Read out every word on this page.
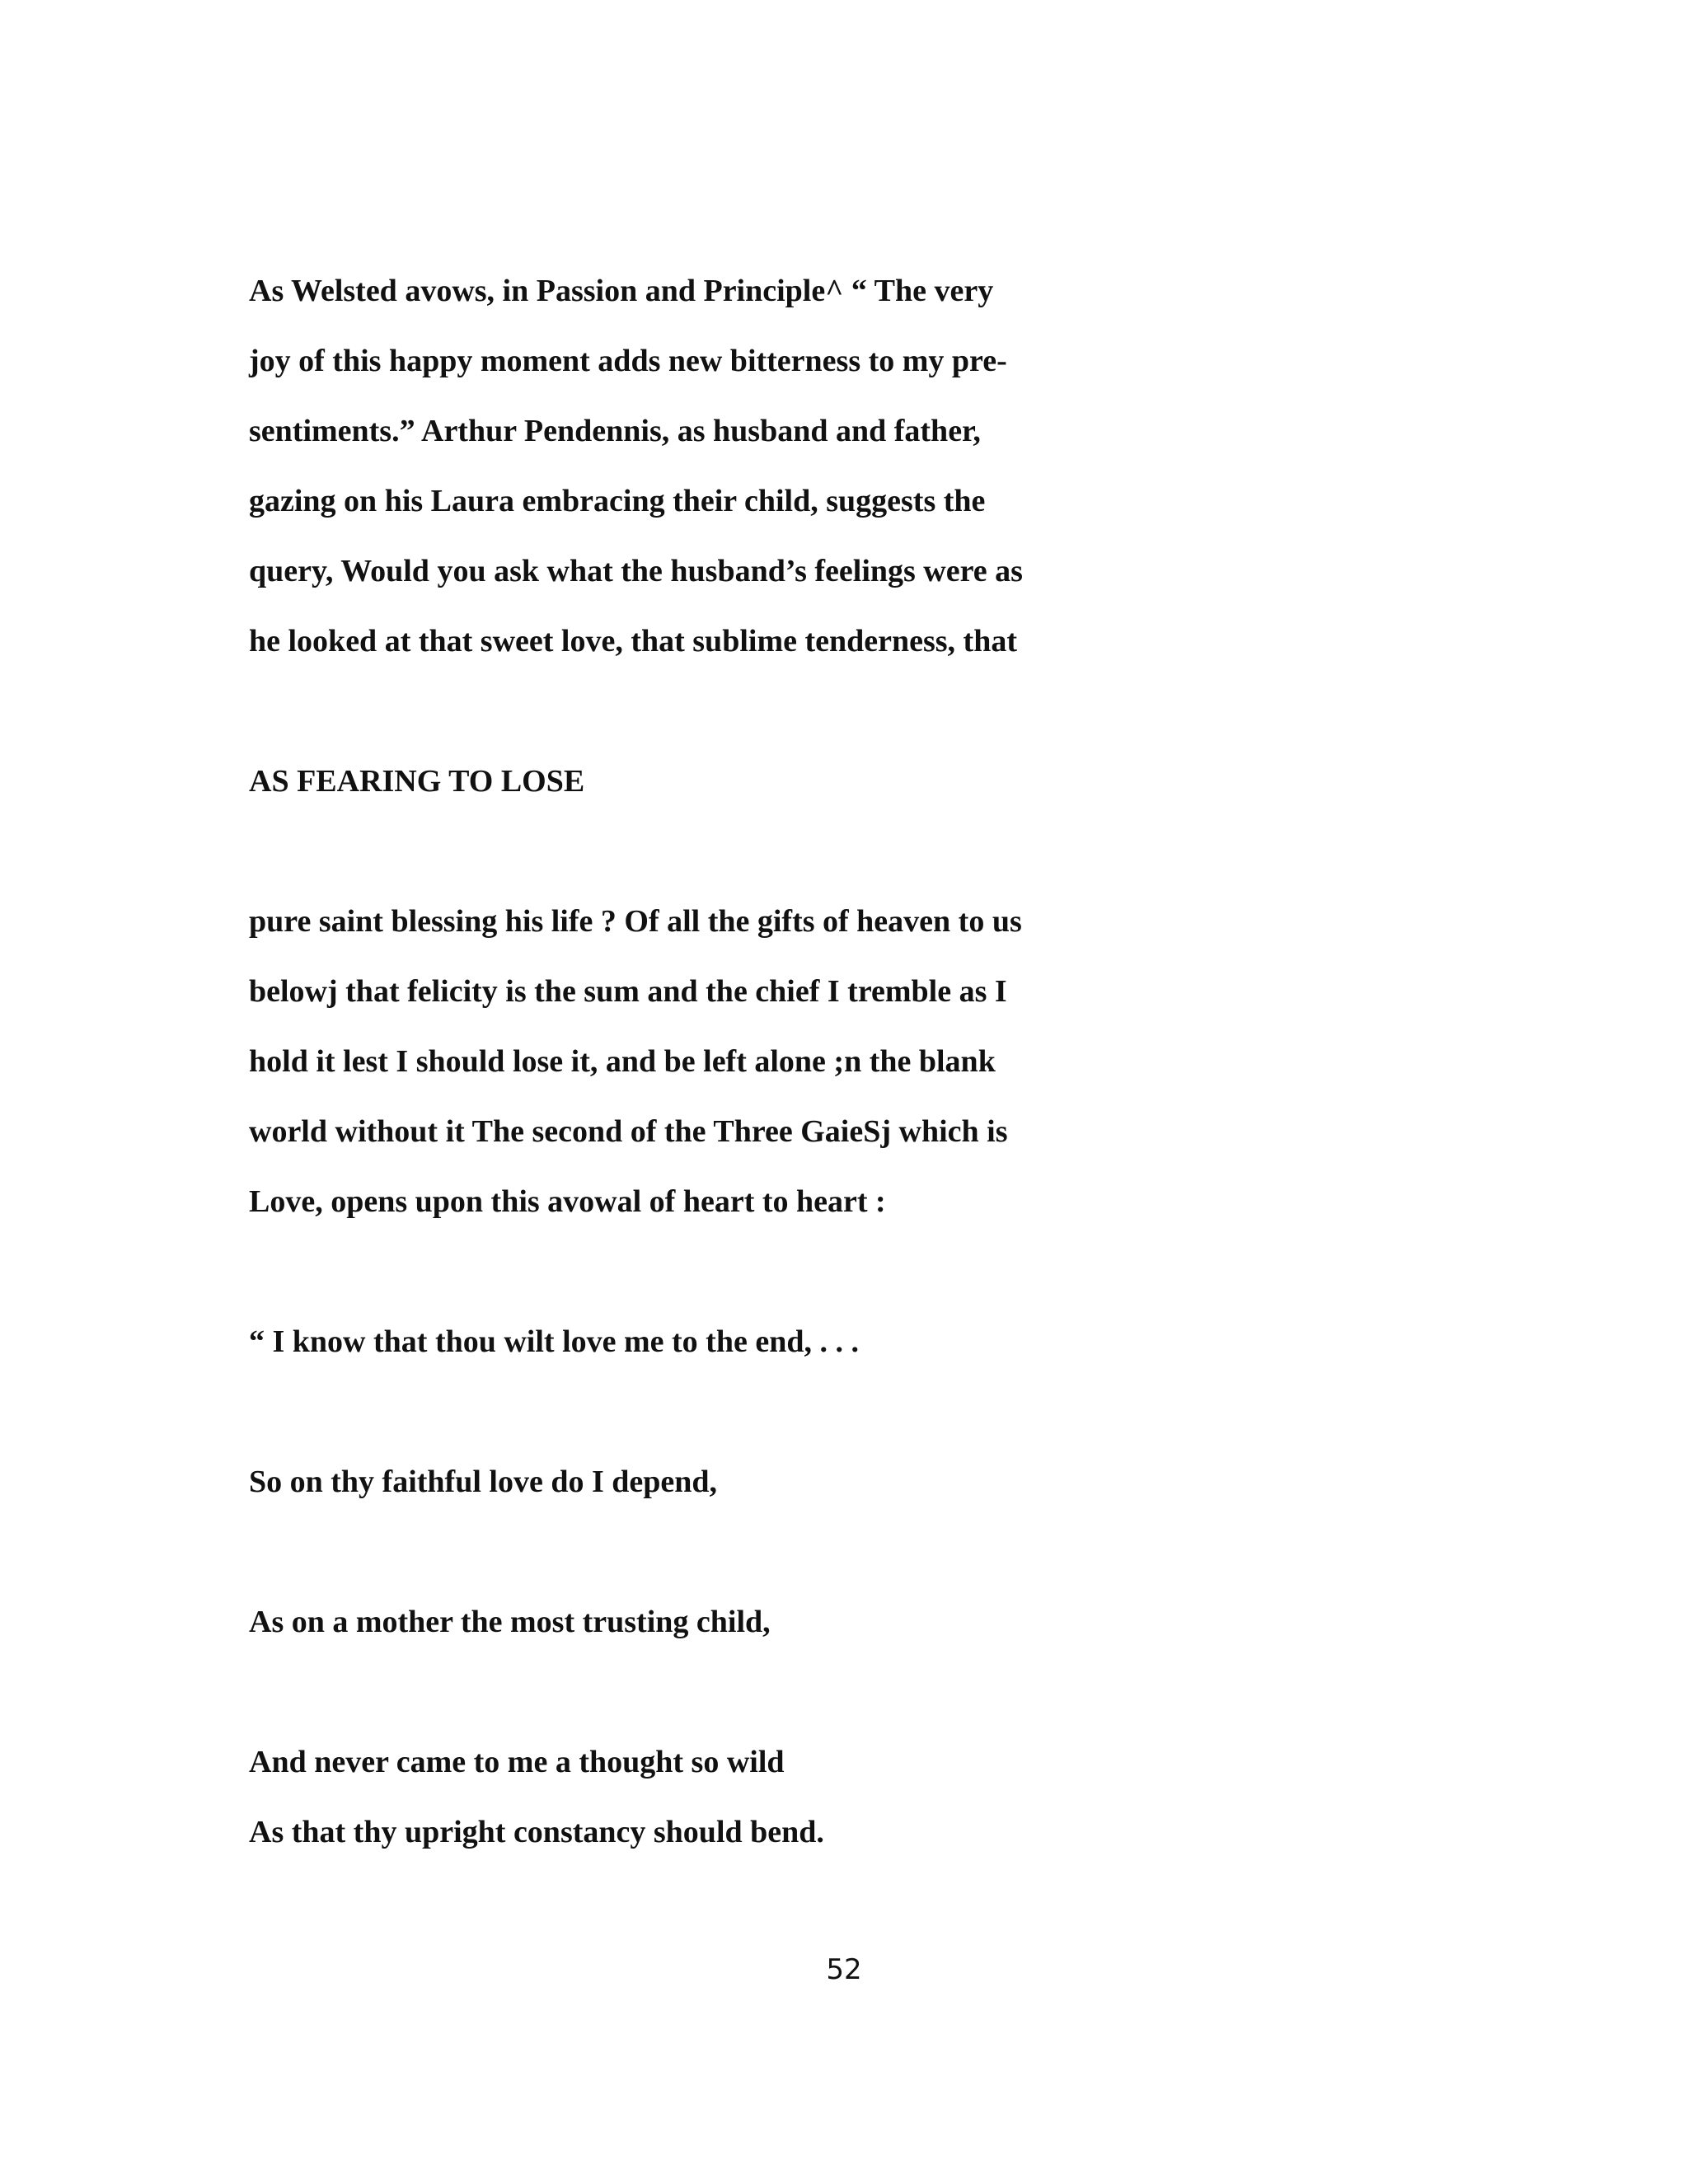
As Welsted avows, in Passion and Principle^ “ The very

joy of this happy moment adds new bitterness to my pre-

sentiments.” Arthur Pendennis, as husband and father,

gazing on his Laura embracing their child, suggests the

query, Would you ask what the husband’s feelings were as

he looked at that sweet love, that sublime tenderness, that

AS FEARING TO LOSE

pure saint blessing his life ? Of all the gifts of heaven to us

belowj that felicity is the sum and the chief I tremble as I

hold it lest I should lose it, and be left alone ;n the blank

world without it The second of the Three GaieSj which is

Love, opens upon this avowal of heart to heart :

“ I know that thou wilt love me to the end, . . .

So on thy faithful love do I depend,

As on a mother the most trusting child,

And never came to me a thought so wild

As that thy upright constancy should bend.

52
